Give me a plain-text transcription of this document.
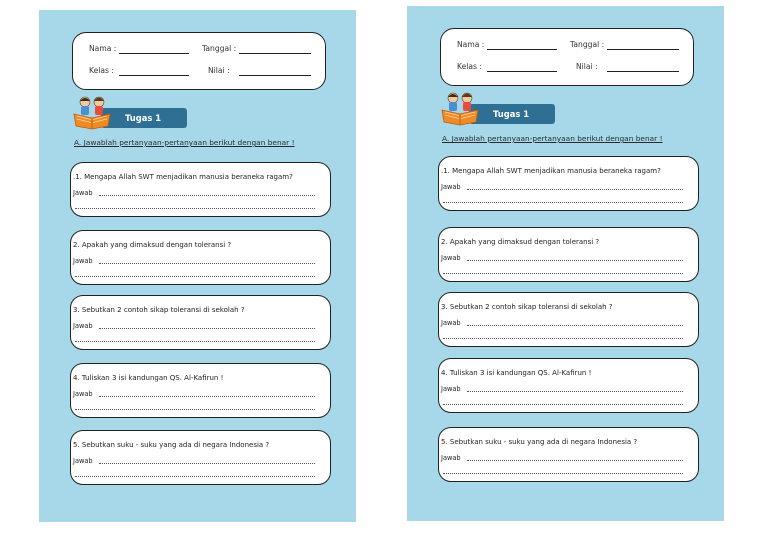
Nama :	Tanggal :
Kelas :	Nilai :
Tugas 1
A. Jawablah pertanyaan-pertanyaan berikut dengan benar !
.1. Mengapa Allah SWT menjadikan manusia beraneka ragam?
Jawab
2. Apakah yang dimaksud dengan toleransi ?
Jawab
3. Sebutkan 2 contoh sikap toleransi di sekolah ?
Jawab
4. Tuliskan 3 isi kandungan QS. Al-Kafirun !
Jawab
5. Sebutkan suku - suku yang ada di negara Indonesia ?
Jawab
Nama :	Tanggal :
Kelas :	Nilai :
Tugas 1
A. Jawablah pertanyaan-pertanyaan berikut dengan benar !
.1. Mengapa Allah SWT menjadikan manusia beraneka ragam?
Jawab
2. Apakah yang dimaksud dengan toleransi ?
Jawab
3. Sebutkan 2 contoh sikap toleransi di sekolah ?
Jawab
4. Tuliskan 3 isi kandungan QS. Al-Kafirun !
Jawab
5. Sebutkan suku - suku yang ada di negara Indonesia ?
Jawab
